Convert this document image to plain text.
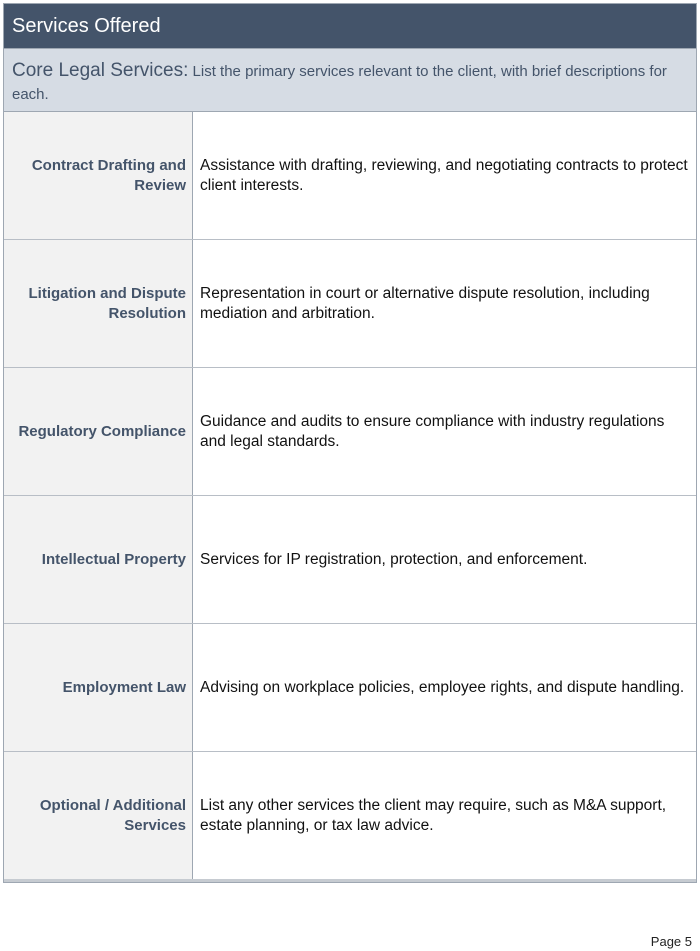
Services Offered
Core Legal Services: List the primary services relevant to the client, with brief descriptions for each.
Contract Drafting and Review
Assistance with drafting, reviewing, and negotiating contracts to protect client interests.
Litigation and Dispute Resolution
Representation in court or alternative dispute resolution, including mediation and arbitration.
Regulatory Compliance
Guidance and audits to ensure compliance with industry regulations and legal standards.
Intellectual Property Services for IP registration, protection, and enforcement.
Employment Law Advising on workplace policies, employee rights, and dispute handling.
Optional / Additional Services
List any other services the client may require, such as M&A support, estate planning, or tax law advice.
Page 5
